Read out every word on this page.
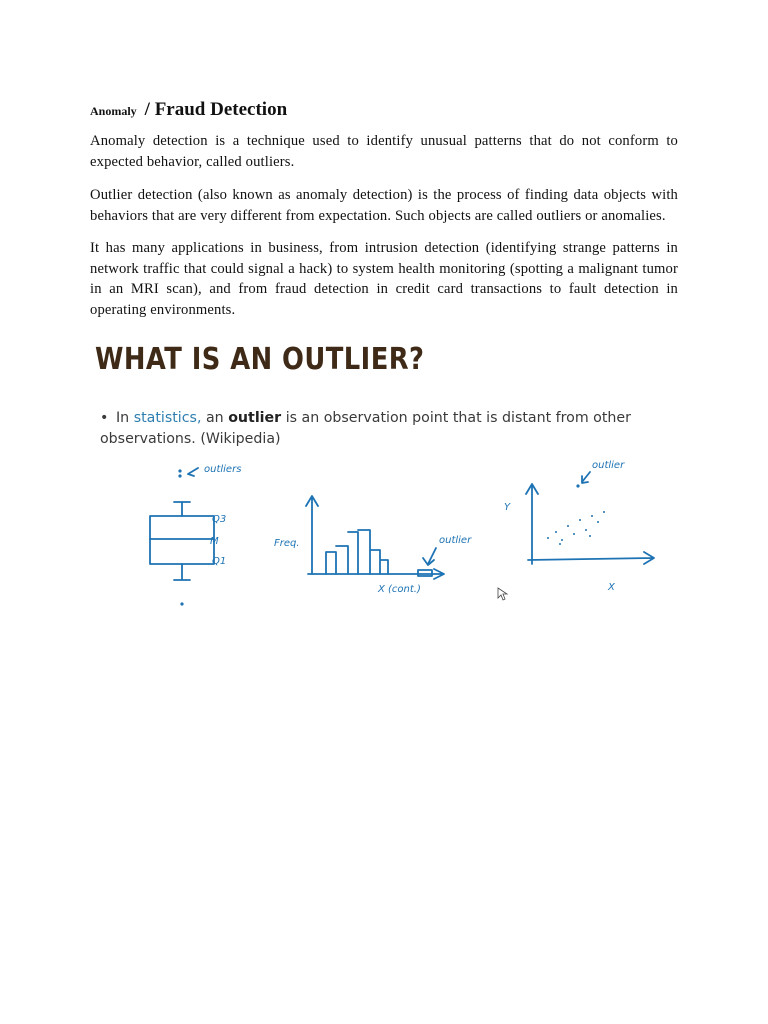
Anomaly / Fraud Detection

Anomaly detection is a technique used to identify unusual patterns that do not conform to expected behavior, called outliers.

Outlier detection (also known as anomaly detection) is the process of finding data objects with behaviors that are very different from expectation. Such objects are called outliers or anomalies.

It has many applications in business, from intrusion detection (identifying strange patterns in network traffic that could signal a hack) to system health monitoring (spotting a malignant tumor in an MRI scan), and from fraud detection in credit card transactions to fault detection in operating environments.

WHAT IS AN OUTLIER?
• In statistics, an outlier is an observation point that is distant from other observations. (Wikipedia)
outliers
Q3
M
Q1
Freq.	outlier
X (cont.)
Y
X
outlier
